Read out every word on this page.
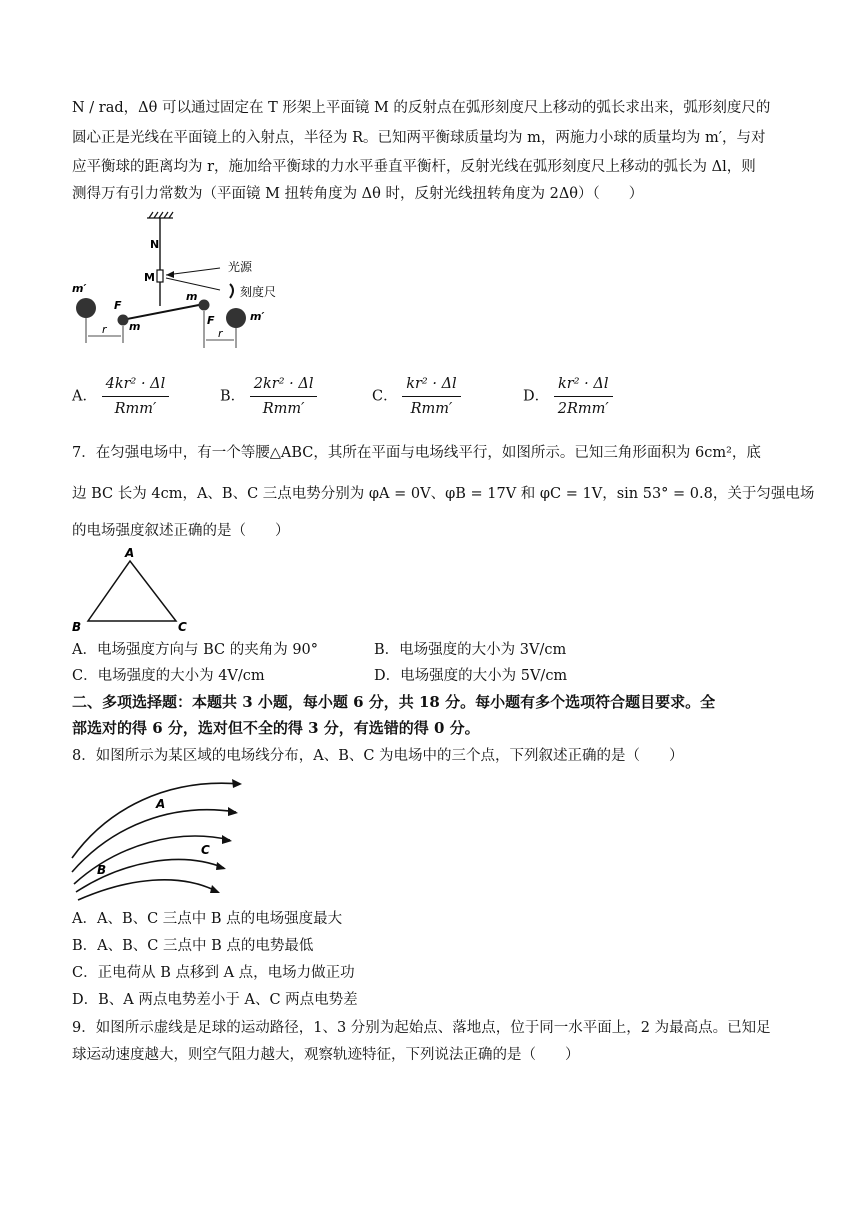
N / rad，Δθ 可以通过固定在 T 形架上平面镜 M 的反射点在弧形刻度尺上移动的弧长求出来，弧形刻度尺的
圆心正是光线在平面镜上的入射点，半径为 R。已知两平衡球质量均为 m，两施力小球的质量均为 m′，与对
应平衡球的距离均为 r，施加给平衡球的力水平垂直平衡杆，反射光线在弧形刻度尺上移动的弧长为 Δl，则
测得万有引力常数为（平面镜 M 扭转角度为 Δθ 时，反射光线扭转角度为 2Δθ）（　　）
N
M
光源
刻度尺
m′
m′
F
F
m
m
r	r
A． $\frac{\text{4kr² · Δl}}{\text{Rmm′}}$	B． $\frac{\text{2kr² · Δl}}{\text{Rmm′}}$	C． $\frac{\text{kr² · Δl}}{\text{Rmm′}}$	D． $\frac{\text{kr² · Δl}}{\text{2Rmm′}}$
7．在匀强电场中，有一个等腰△ABC，其所在平面与电场线平行，如图所示。已知三角形面积为 6cm²，底
边 BC 长为 4cm，A、B、C 三点电势分别为 φA = 0V、φB = 17V 和 φC = 1V，sin 53° = 0.8，关于匀强电场
的电场强度叙述正确的是（　　）
A
B	C
A．电场强度方向与 BC 的夹角为 90°	B．电场强度的大小为 3V/cm
C．电场强度的大小为 4V/cm	D．电场强度的大小为 5V/cm
二、多项选择题：本题共 3 小题，每小题 6 分，共 18 分。每小题有多个选项符合题目要求。全
部选对的得 6 分，选对但不全的得 3 分，有选错的得 0 分。
8．如图所示为某区域的电场线分布，A、B、C 为电场中的三个点，下列叙述正确的是（　　）
A
C
B
A．A、B、C 三点中 B 点的电场强度最大
B．A、B、C 三点中 B 点的电势最低
C．正电荷从 B 点移到 A 点，电场力做正功
D．B、A 两点电势差小于 A、C 两点电势差
9．如图所示虚线是足球的运动路径，1、3 分别为起始点、落地点，位于同一水平面上，2 为最高点。已知足
球运动速度越大，则空气阻力越大，观察轨迹特征，下列说法正确的是（　　）
